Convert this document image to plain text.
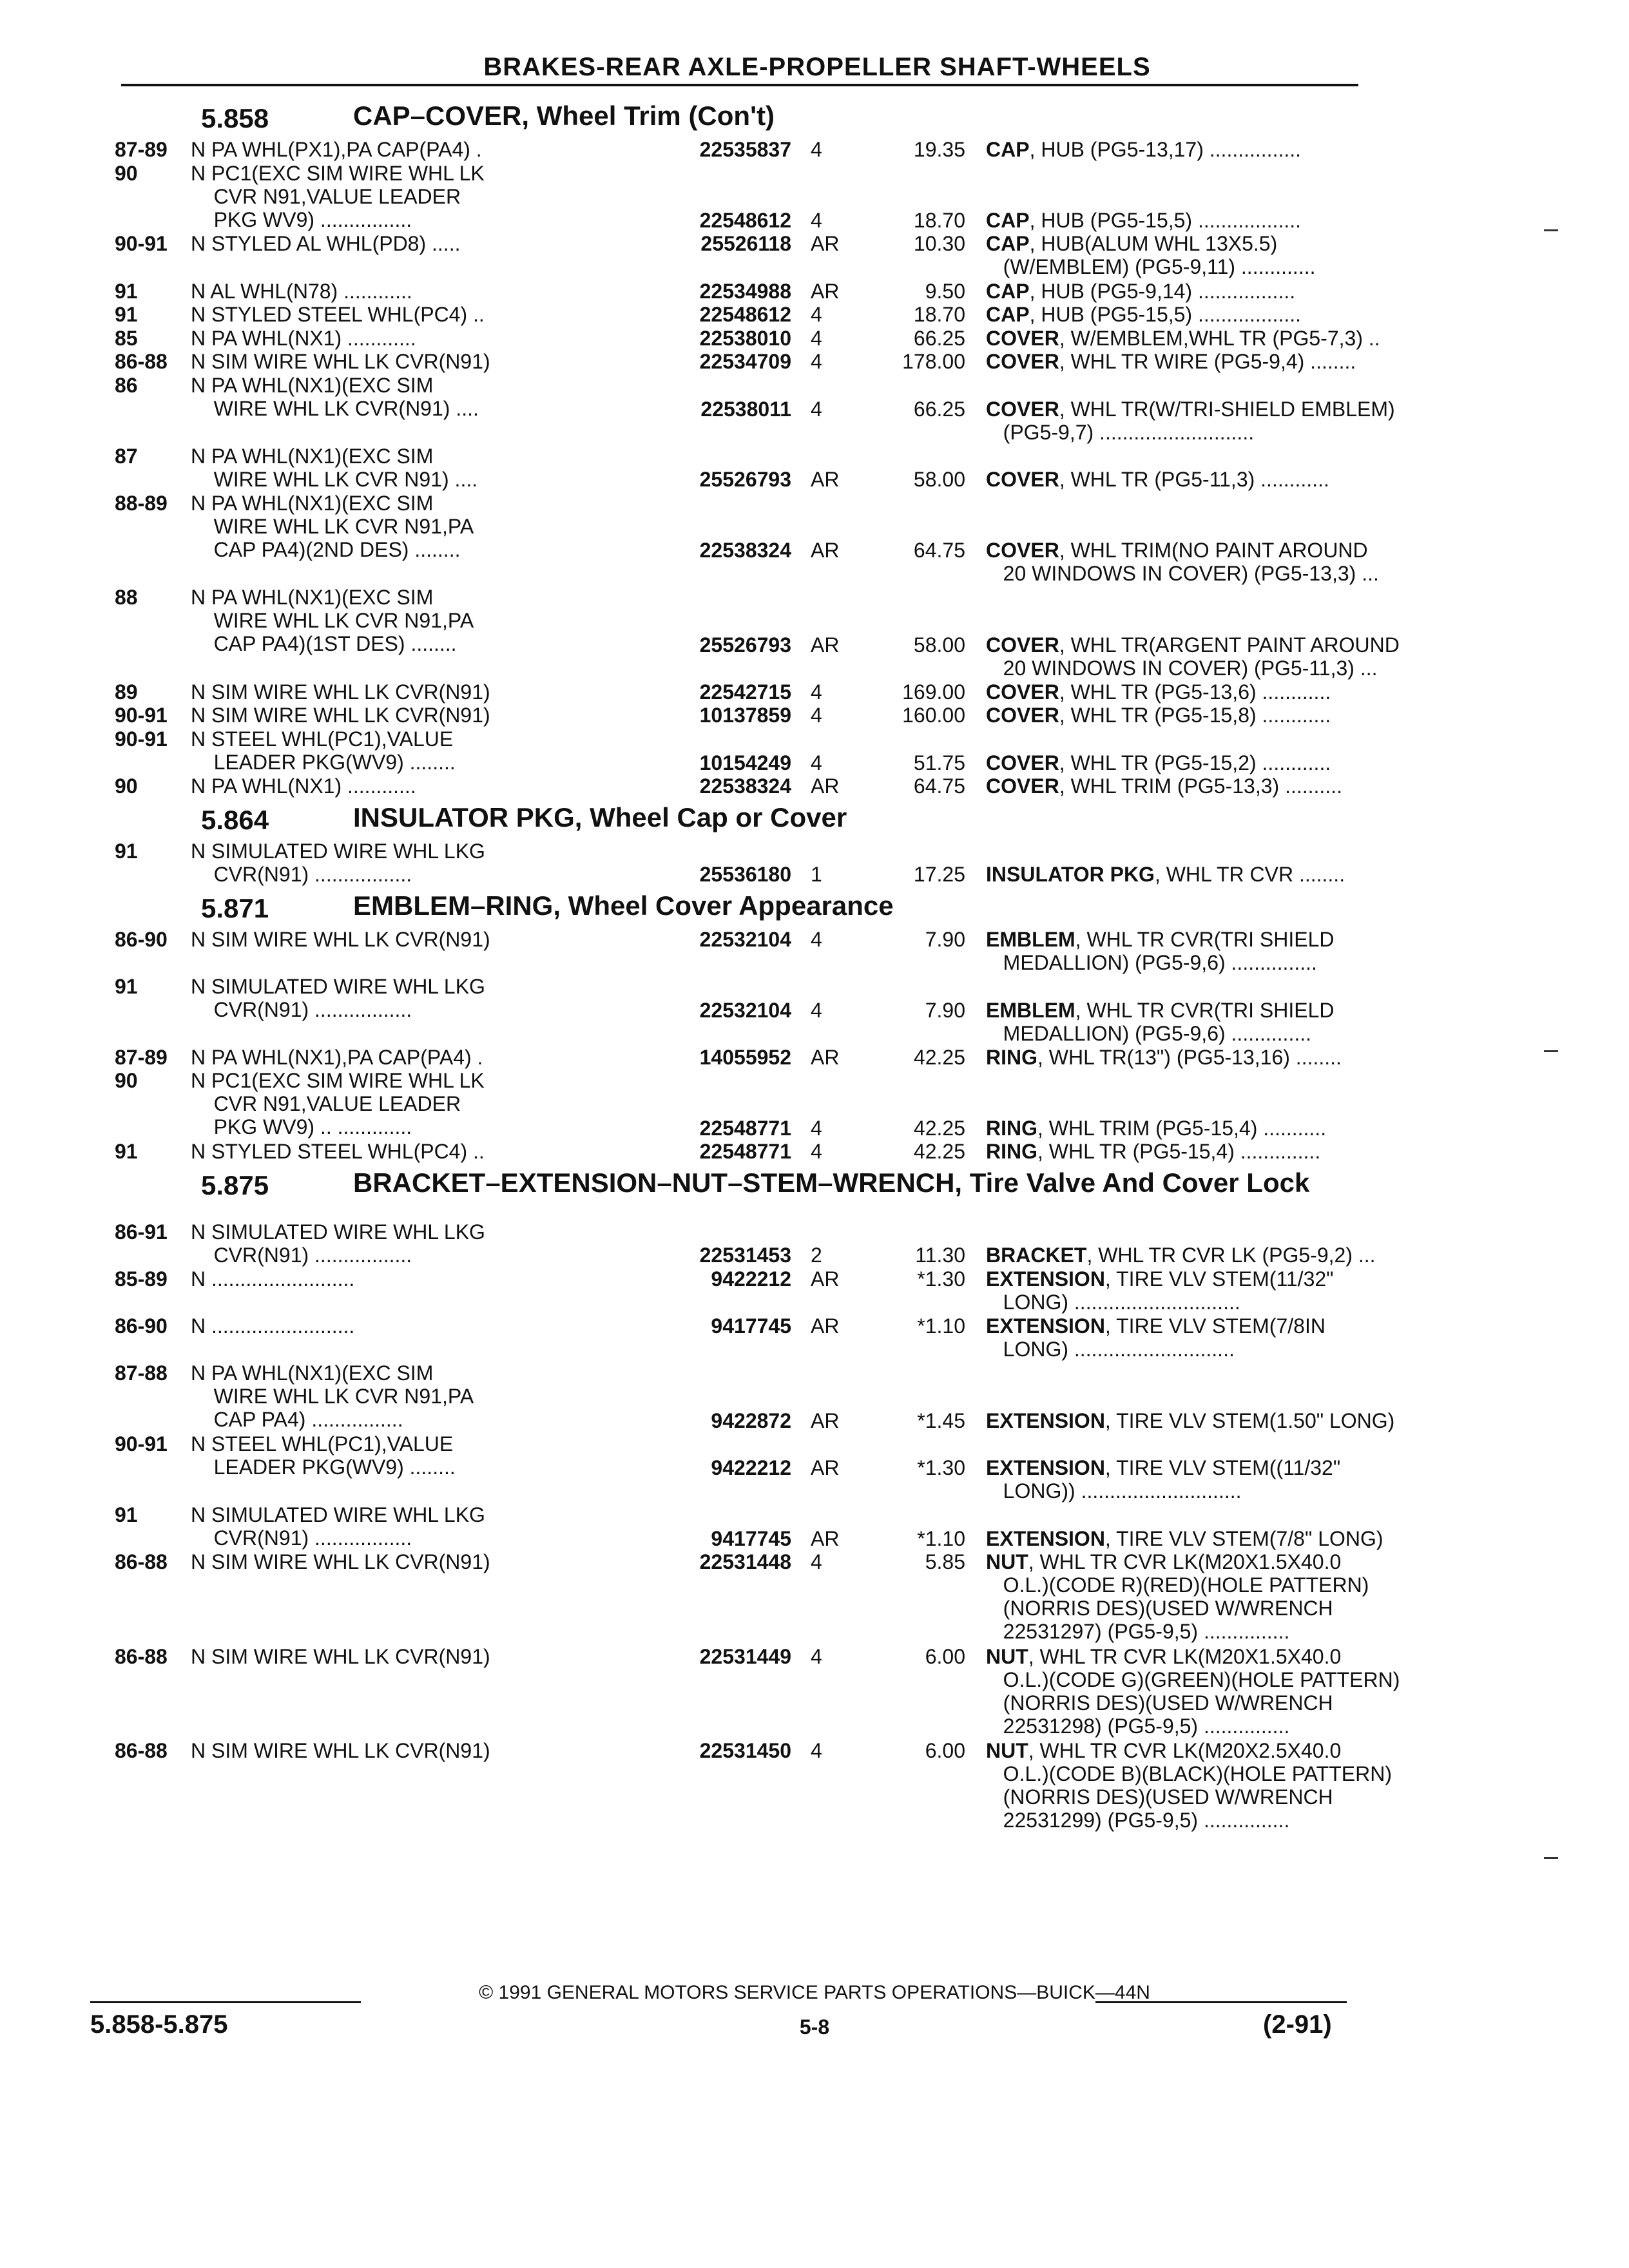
BRAKES-REAR AXLE-PROPELLER SHAFT-WHEELS
5.858	CAP–COVER, Wheel Trim (Con't)
87-89 N PA WHL(PX1),PA CAP(PA4) .	22535837 4	19.35 CAP, HUB (PG5-13,17) ................
90	N PC1(EXC SIM WIRE WHL LK
CVR N91,VALUE LEADER
PKG WV9) ................	22548612 4	18.70 CAP, HUB (PG5-15,5) ..................
90-91 N STYLED AL WHL(PD8) .....	25526118 AR	10.30 CAP, HUB(ALUM WHL 13X5.5)
(W/EMBLEM) (PG5-9,11) .............
91	N AL WHL(N78) ............	22534988 AR	9.50 CAP, HUB (PG5-9,14) .................
91	N STYLED STEEL WHL(PC4) ..	22548612 4	18.70 CAP, HUB (PG5-15,5) ..................
85	N PA WHL(NX1) ............	22538010 4	66.25 COVER, W/EMBLEM,WHL TR (PG5-7,3) ..
86-88 N SIM WIRE WHL LK CVR(N91)	22534709 4	178.00 COVER, WHL TR WIRE (PG5-9,4) ........
86	N PA WHL(NX1)(EXC SIM
WIRE WHL LK CVR(N91) ....	22538011 4	66.25 COVER, WHL TR(W/TRI-SHIELD EMBLEM)
(PG5-9,7) ...........................
87	N PA WHL(NX1)(EXC SIM
WIRE WHL LK CVR N91) ....	25526793 AR	58.00 COVER, WHL TR (PG5-11,3) ............
88-89 N PA WHL(NX1)(EXC SIM
WIRE WHL LK CVR N91,PA
CAP PA4)(2ND DES) ........	22538324 AR	64.75 COVER, WHL TRIM(NO PAINT AROUND
20 WINDOWS IN COVER) (PG5-13,3) ...
88	N PA WHL(NX1)(EXC SIM
WIRE WHL LK CVR N91,PA
CAP PA4)(1ST DES) ........	25526793 AR	58.00 COVER, WHL TR(ARGENT PAINT AROUND
20 WINDOWS IN COVER) (PG5-11,3) ...
89	N SIM WIRE WHL LK CVR(N91)	22542715 4	169.00 COVER, WHL TR (PG5-13,6) ............
90-91 N SIM WIRE WHL LK CVR(N91)	10137859 4	160.00 COVER, WHL TR (PG5-15,8) ............
90-91 N STEEL WHL(PC1),VALUE
LEADER PKG(WV9) ........	10154249 4	51.75 COVER, WHL TR (PG5-15,2) ............
90	N PA WHL(NX1) ............	22538324 AR	64.75 COVER, WHL TRIM (PG5-13,3) ..........
5.864	INSULATOR PKG, Wheel Cap or Cover
91	N SIMULATED WIRE WHL LKG
CVR(N91) .................	25536180 1	17.25 INSULATOR PKG, WHL TR CVR ........
5.871	EMBLEM–RING, Wheel Cover Appearance
86-90 N SIM WIRE WHL LK CVR(N91)	22532104 4	7.90 EMBLEM, WHL TR CVR(TRI SHIELD
MEDALLION) (PG5-9,6) ...............
91	N SIMULATED WIRE WHL LKG
CVR(N91) .................	22532104 4	7.90 EMBLEM, WHL TR CVR(TRI SHIELD
MEDALLION) (PG5-9,6) ..............
87-89 N PA WHL(NX1),PA CAP(PA4) .	14055952 AR	42.25 RING, WHL TR(13") (PG5-13,16) ........
90	N PC1(EXC SIM WIRE WHL LK
CVR N91,VALUE LEADER
PKG WV9) .. .............	22548771 4	42.25 RING, WHL TRIM (PG5-15,4) ...........
91	N STYLED STEEL WHL(PC4) ..	22548771 4	42.25 RING, WHL TR (PG5-15,4) ..............
5.875	BRACKET–EXTENSION–NUT–STEM–WRENCH, Tire Valve And Cover Lock
86-91 N SIMULATED WIRE WHL LKG
CVR(N91) .................	22531453 2	11.30 BRACKET, WHL TR CVR LK (PG5-9,2) ...
85-89 N .........................	9422212 AR	*1.30 EXTENSION, TIRE VLV STEM(11/32"
LONG) .............................
86-90 N .........................	9417745 AR	*1.10 EXTENSION, TIRE VLV STEM(7/8IN
LONG) ............................
87-88 N PA WHL(NX1)(EXC SIM
WIRE WHL LK CVR N91,PA
CAP PA4) ................	9422872 AR	*1.45 EXTENSION, TIRE VLV STEM(1.50" LONG)
90-91 N STEEL WHL(PC1),VALUE
LEADER PKG(WV9) ........	9422212 AR	*1.30 EXTENSION, TIRE VLV STEM((11/32"
LONG)) ............................
91	N SIMULATED WIRE WHL LKG
CVR(N91) .................	9417745 AR	*1.10 EXTENSION, TIRE VLV STEM(7/8" LONG)
86-88 N SIM WIRE WHL LK CVR(N91)	22531448 4	5.85 NUT, WHL TR CVR LK(M20X1.5X40.0
O.L.)(CODE R)(RED)(HOLE PATTERN)
(NORRIS DES)(USED W/WRENCH
22531297) (PG5-9,5) ...............
86-88 N SIM WIRE WHL LK CVR(N91)	22531449 4	6.00 NUT, WHL TR CVR LK(M20X1.5X40.0
O.L.)(CODE G)(GREEN)(HOLE PATTERN)
(NORRIS DES)(USED W/WRENCH
22531298) (PG5-9,5) ...............
86-88 N SIM WIRE WHL LK CVR(N91)	22531450 4	6.00 NUT, WHL TR CVR LK(M20X2.5X40.0
O.L.)(CODE B)(BLACK)(HOLE PATTERN)
(NORRIS DES)(USED W/WRENCH
22531299) (PG5-9,5) ...............
© 1991 GENERAL MOTORS SERVICE PARTS OPERATIONS—BUICK—44N
5.858-5.875	5-8	(2-91)
